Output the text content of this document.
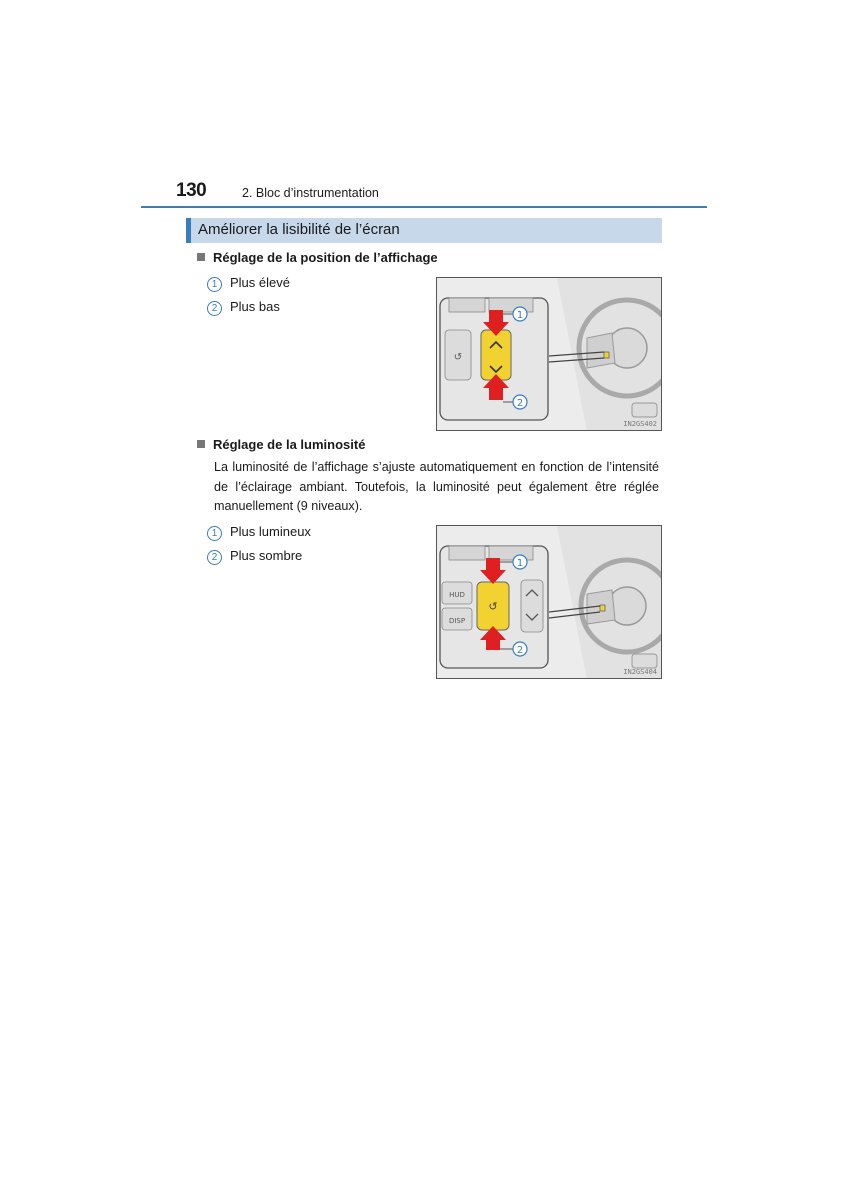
130	2. Bloc d’instrumentation
Améliorer la lisibilité de l’écran
Réglage de la position de l’affichage
1 Plus élevé
2 Plus bas
↺
1
2
IN2GS402
Réglage de la luminosité
La luminosité de l’affichage s’ajuste automatiquement en fonction de l’intensité de l’éclairage ambiant. Toutefois, la luminosité peut également être réglée manuellement (9 niveaux).
1 Plus lumineux
2 Plus sombre
↺
1
2
HUD
DISP
IN2GS404
